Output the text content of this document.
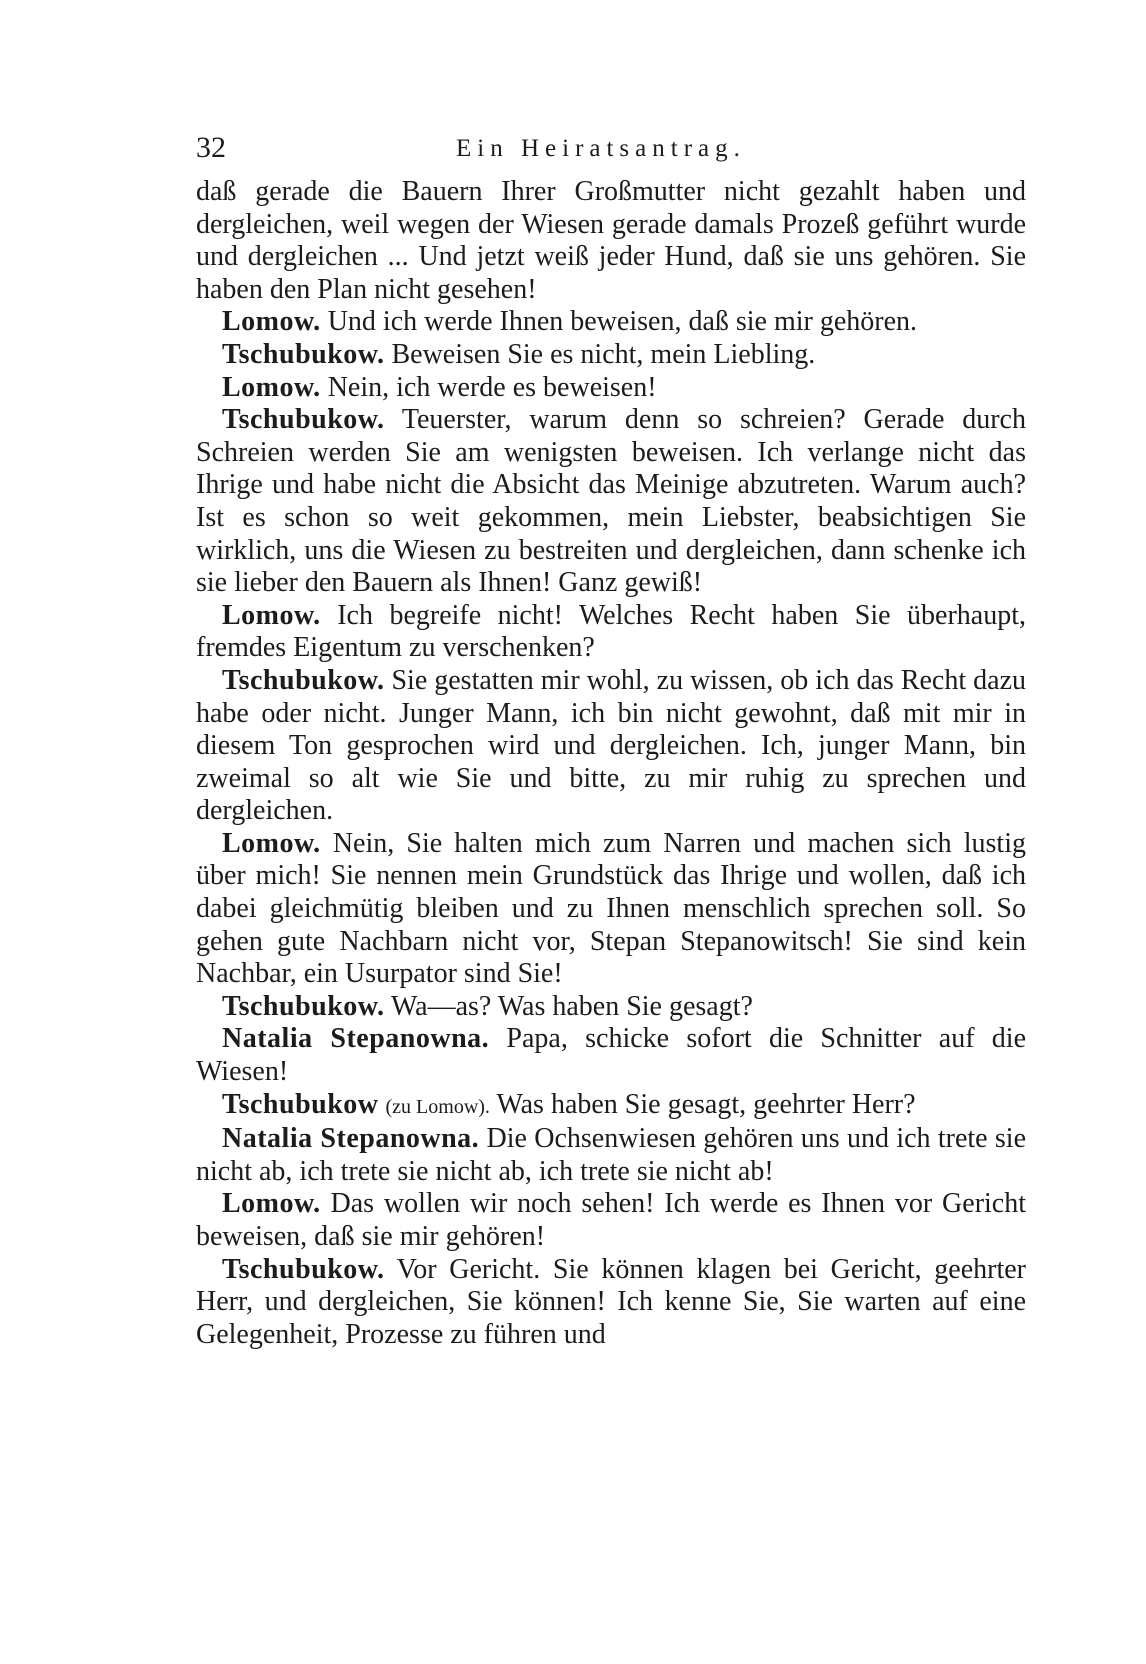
32	Ein Heiratsantrag.

daß gerade die Bauern Ihrer Großmutter nicht gezahlt haben und dergleichen, weil wegen der Wiesen gerade damals Prozeß geführt wurde und dergleichen ... Und jetzt weiß jeder Hund, daß sie uns gehören. Sie haben den Plan nicht gesehen!

Lomow. Und ich werde Ihnen beweisen, daß sie mir gehören.

Tschubukow. Beweisen Sie es nicht, mein Liebling.

Lomow. Nein, ich werde es beweisen!

Tschubukow. Teuerster, warum denn so schreien? Gerade durch Schreien werden Sie am wenigsten beweisen. Ich verlange nicht das Ihrige und habe nicht die Absicht das Meinige abzutreten. Warum auch? Ist es schon so weit gekommen, mein Liebster, beabsichtigen Sie wirklich, uns die Wiesen zu bestreiten und dergleichen, dann schenke ich sie lieber den Bauern als Ihnen! Ganz gewiß!

Lomow. Ich begreife nicht! Welches Recht haben Sie überhaupt, fremdes Eigentum zu verschenken?

Tschubukow. Sie gestatten mir wohl, zu wissen, ob ich das Recht dazu habe oder nicht. Junger Mann, ich bin nicht gewohnt, daß mit mir in diesem Ton gesprochen wird und dergleichen. Ich, junger Mann, bin zweimal so alt wie Sie und bitte, zu mir ruhig zu sprechen und dergleichen.

Lomow. Nein, Sie halten mich zum Narren und machen sich lustig über mich! Sie nennen mein Grundstück das Ihrige und wollen, daß ich dabei gleichmütig bleiben und zu Ihnen menschlich sprechen soll. So gehen gute Nachbarn nicht vor, Stepan Stepanowitsch! Sie sind kein Nachbar, ein Usurpator sind Sie!

Tschubukow. Wa—as? Was haben Sie gesagt?

Natalia Stepanowna. Papa, schicke sofort die Schnitter auf die Wiesen!

Tschubukow (zu Lomow). Was haben Sie gesagt, geehrter Herr?

Natalia Stepanowna. Die Ochsenwiesen gehören uns und ich trete sie nicht ab, ich trete sie nicht ab, ich trete sie nicht ab!

Lomow. Das wollen wir noch sehen! Ich werde es Ihnen vor Gericht beweisen, daß sie mir gehören!

Tschubukow. Vor Gericht. Sie können klagen bei Gericht, geehrter Herr, und dergleichen, Sie können! Ich kenne Sie, Sie warten auf eine Gelegenheit, Prozesse zu führen und
